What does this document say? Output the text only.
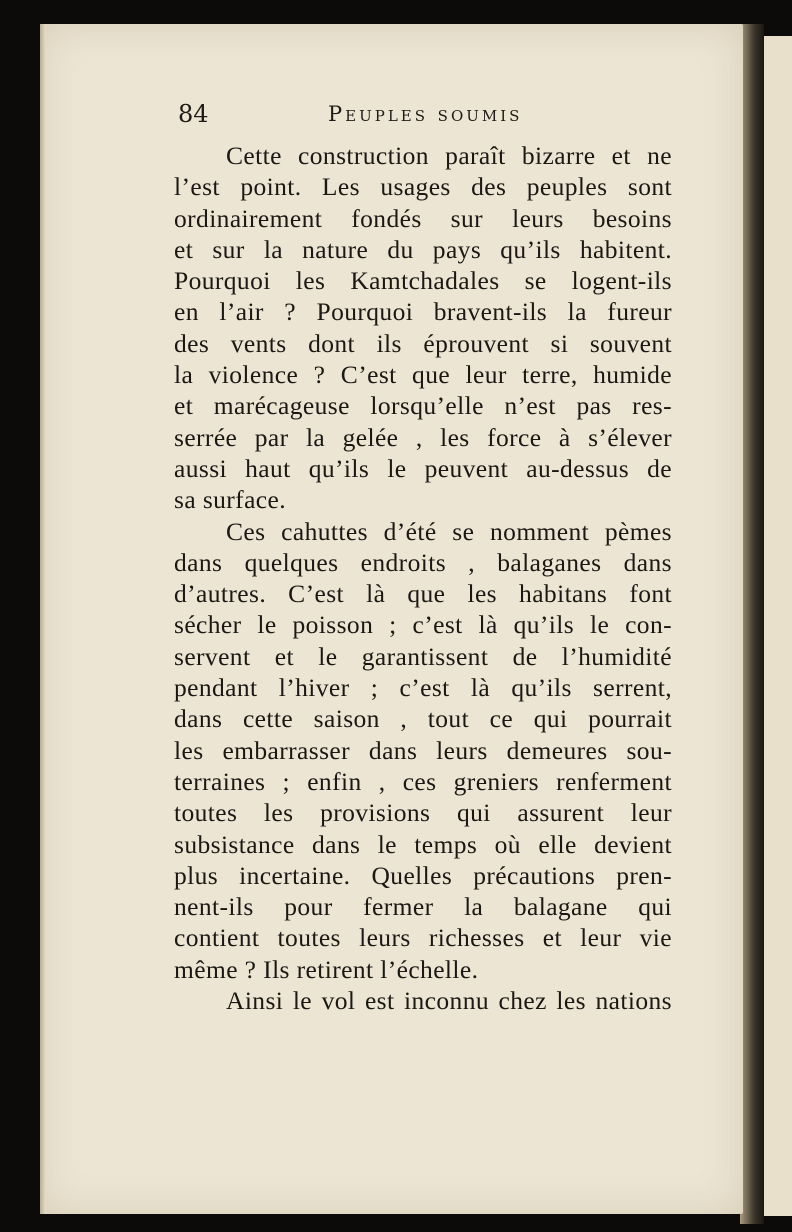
84	Peuples soumis
Cette construction paraît bizarre et ne
l’est point. Les usages des peuples sont
ordinairement fondés sur leurs besoins
et sur la nature du pays qu’ils habitent.
Pourquoi les Kamtchadales se logent-ils
en l’air ? Pourquoi bravent-ils la fureur
des vents dont ils éprouvent si souvent
la violence ? C’est que leur terre, humide
et marécageuse lorsqu’elle n’est pas res-
serrée par la gelée , les force à s’élever
aussi haut qu’ils le peuvent au-dessus de
sa surface.
Ces cahuttes d’été se nomment pèmes
dans quelques endroits , balaganes dans
d’autres. C’est là que les habitans font
sécher le poisson ; c’est là qu’ils le con-
servent et le garantissent de l’humidité
pendant l’hiver ; c’est là qu’ils serrent,
dans cette saison , tout ce qui pourrait
les embarrasser dans leurs demeures sou-
terraines ; enfin , ces greniers renferment
toutes les provisions qui assurent leur
subsistance dans le temps où elle devient
plus incertaine. Quelles précautions pren-
nent-ils pour fermer la balagane qui
contient toutes leurs richesses et leur vie
même ? Ils retirent l’échelle.
Ainsi le vol est inconnu chez les nations
